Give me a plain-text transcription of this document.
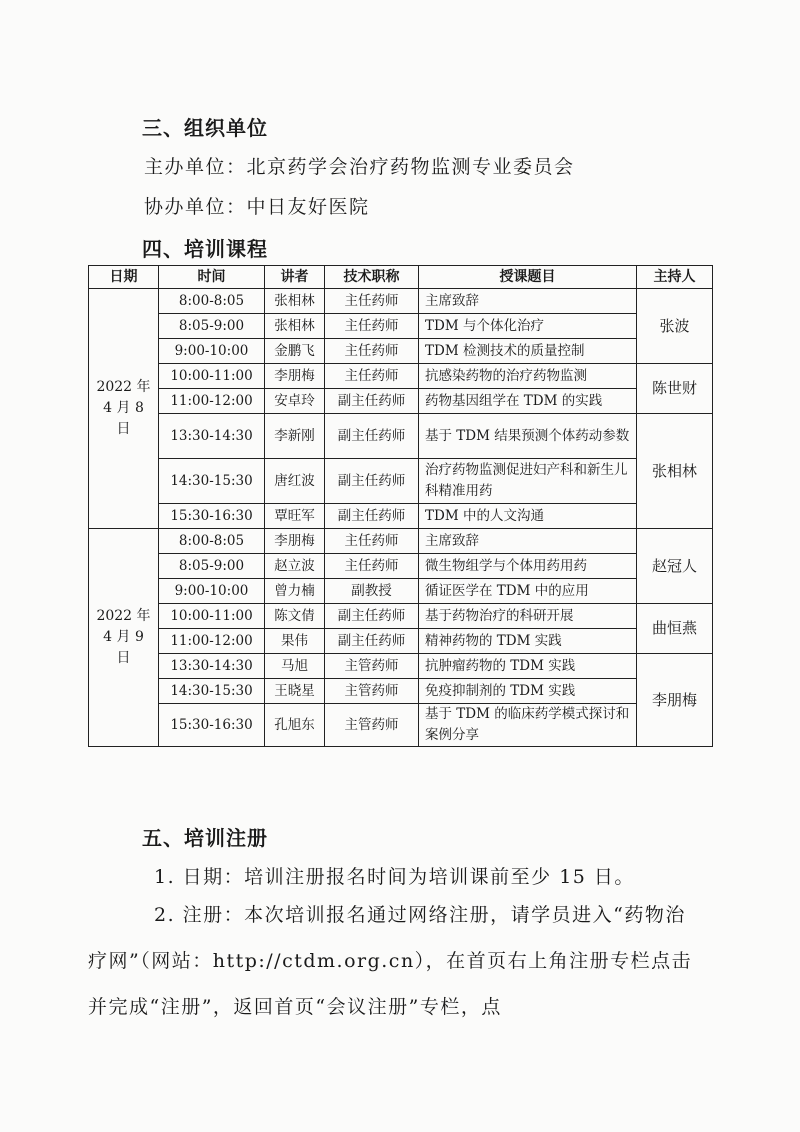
三、组织单位
主办单位：北京药学会治疗药物监测专业委员会
协办单位：中日友好医院
四、培训课程
日期	时间	讲者	技术职称	授课题目	主持人

2022 年
4 月 8 日	8:00-8:05	张相林	主任药师	主席致辞	张波
	8:05-9:00	张相林	主任药师	TDM 与个体化治疗	
	9:00-10:00	金鹏飞	主任药师	TDM 检测技术的质量控制	
	10:00-11:00	李朋梅	主任药师	抗感染药物的治疗药物监测	陈世财
	11:00-12:00	安卓玲	副主任药师	药物基因组学在 TDM 的实践	
	13:30-14:30	李新刚	副主任药师	基于 TDM 结果预测个体药动参数	张相林
	14:30-15:30	唐红波	副主任药师	治疗药物监测促进妇产科和新生儿科精准用药	
	15:30-16:30	覃旺军	副主任药师	TDM 中的人文沟通	

2022 年
4 月 9 日	8:00-8:05	李朋梅	主任药师	主席致辞	赵冠人
	8:05-9:00	赵立波	主任药师	微生物组学与个体用药用药	
	9:00-10:00	曾力楠	副教授	循证医学在 TDM 中的应用	
	10:00-11:00	陈文倩	副主任药师	基于药物治疗的科研开展	曲恒燕
	11:00-12:00	果伟	副主任药师	精神药物的 TDM 实践	
	13:30-14:30	马旭	主管药师	抗肿瘤药物的 TDM 实践	李朋梅
	14:30-15:30	王晓星	主管药师	免疫抑制剂的 TDM 实践	
	15:30-16:30	孔旭东	主管药师	基于 TDM 的临床药学模式探讨和案例分享	
五、培训注册
1. 日期：培训注册报名时间为培训课前至少 15 日。
2. 注册：本次培训报名通过网络注册，请学员进入“药物治疗网”（网站：http://ctdm.org.cn），在首页右上角注册专栏点击并完成“注册”，返回首页“会议注册”专栏，点
